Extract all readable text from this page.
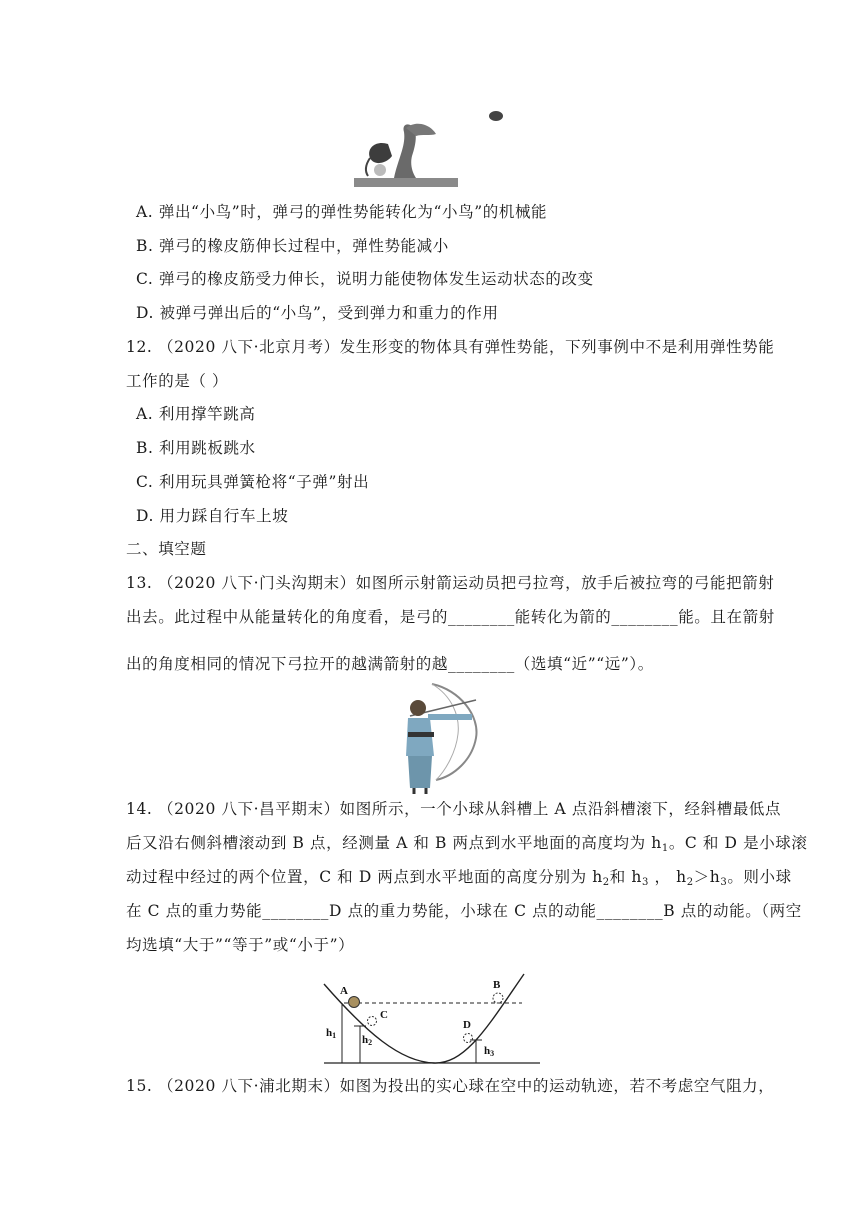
A. 弹出“小鸟”时，弹弓的弹性势能转化为“小鸟”的机械能
B. 弹弓的橡皮筋伸长过程中，弹性势能减小
C. 弹弓的橡皮筋受力伸长，说明力能使物体发生运动状态的改变
D. 被弹弓弹出后的“小鸟”，受到弹力和重力的作用
12. （2020 八下·北京月考）发生形变的物体具有弹性势能，下列事例中不是利用弹性势能
工作的是（ ）
A. 利用撑竿跳高
B. 利用跳板跳水
C. 利用玩具弹簧枪将“子弹”射出
D. 用力踩自行车上坡
二、填空题
13. （2020 八下·门头沟期末）如图所示射箭运动员把弓拉弯，放手后被拉弯的弓能把箭射
出去。此过程中从能量转化的角度看，是弓的________能转化为箭的________能。且在箭射
出的角度相同的情况下弓拉开的越满箭射的越________（选填“近”“远”）。
14. （2020 八下·昌平期末）如图所示，一个小球从斜槽上 A 点沿斜槽滚下，经斜槽最低点
后又沿右侧斜槽滚动到 B 点，经测量 A 和 B 两点到水平地面的高度均为 $h_1$。C 和 D 是小球滚
动过程中经过的两个位置，C 和 D 两点到水平地面的高度分别为 $h_2$和 $h_3$ ， $h_2>h_3$。则小球
在 C 点的重力势能________D 点的重力势能，小球在 C 点的动能________B 点的动能。（两空
均选填“大于”“等于”或“小于”）
A	B
C
D
h1 h2
h3
15. （2020 八下·浦北期末）如图为投出的实心球在空中的运动轨迹，若不考虑空气阻力，
